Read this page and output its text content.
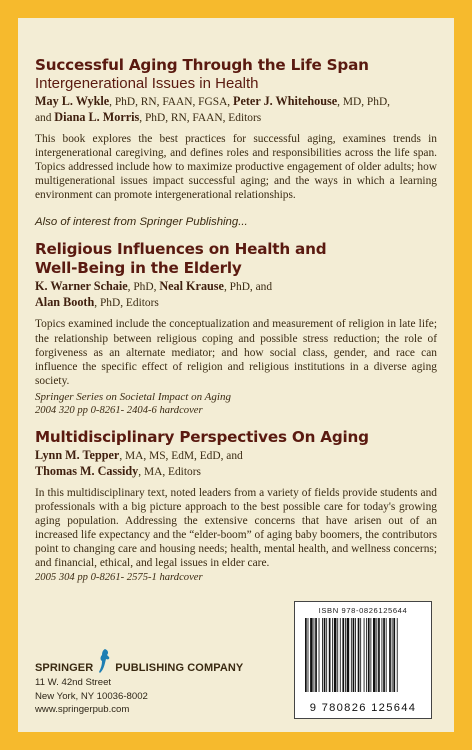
Successful Aging Through the Life Span
Intergenerational Issues in Health
May L. Wykle, PhD, RN, FAAN, FGSA, Peter J. Whitehouse, MD, PhD,
and Diana L. Morris, PhD, RN, FAAN, Editors

This book explores the best practices for successful aging, examines trends in intergenerational caregiving, and defines roles and responsibilities across the life span. Topics addressed include how to maximize productive engagement of older adults; how multigenerational issues impact successful aging; and the ways in which a learning environment can promote intergenerational relationships.

Also of interest from Springer Publishing...
Religious Influences on Health and
Well-Being in the Elderly
K. Warner Schaie, PhD, Neal Krause, PhD, and
Alan Booth, PhD, Editors

Topics examined include the conceptualization and measurement of religion in late life; the relationship between religious coping and possible stress reduction; the role of forgiveness as an alternate mediator; and how social class, gender, and race can influence the specific effect of religion and religious institutions in a diverse aging society.

Springer Series on Societal Impact on Aging
2004 320 pp 0-8261- 2404-6 hardcover
Multidisciplinary Perspectives On Aging
Lynn M. Tepper, MA, MS, EdM, EdD, and
Thomas M. Cassidy, MA, Editors

In this multidisciplinary text, noted leaders from a variety of fields provide students and professionals with a big picture approach to the best possible care for today's growing aging population. Addressing the extensive concerns that have arisen out of an increased life expectancy and the “elder-boom” of aging baby boomers, the contributors point to changing care and housing needs; health, mental health, and wellness concerns; and financial, ethical, and legal issues in elder care.

2005 304 pp 0-8261- 2575-1 hardcover
SPRINGER PUBLISHING COMPANY
11 W. 42nd Street
New York, NY 10036-8002
www.springerpub.com
ISBN 978-0826125644
9 780826 125644
